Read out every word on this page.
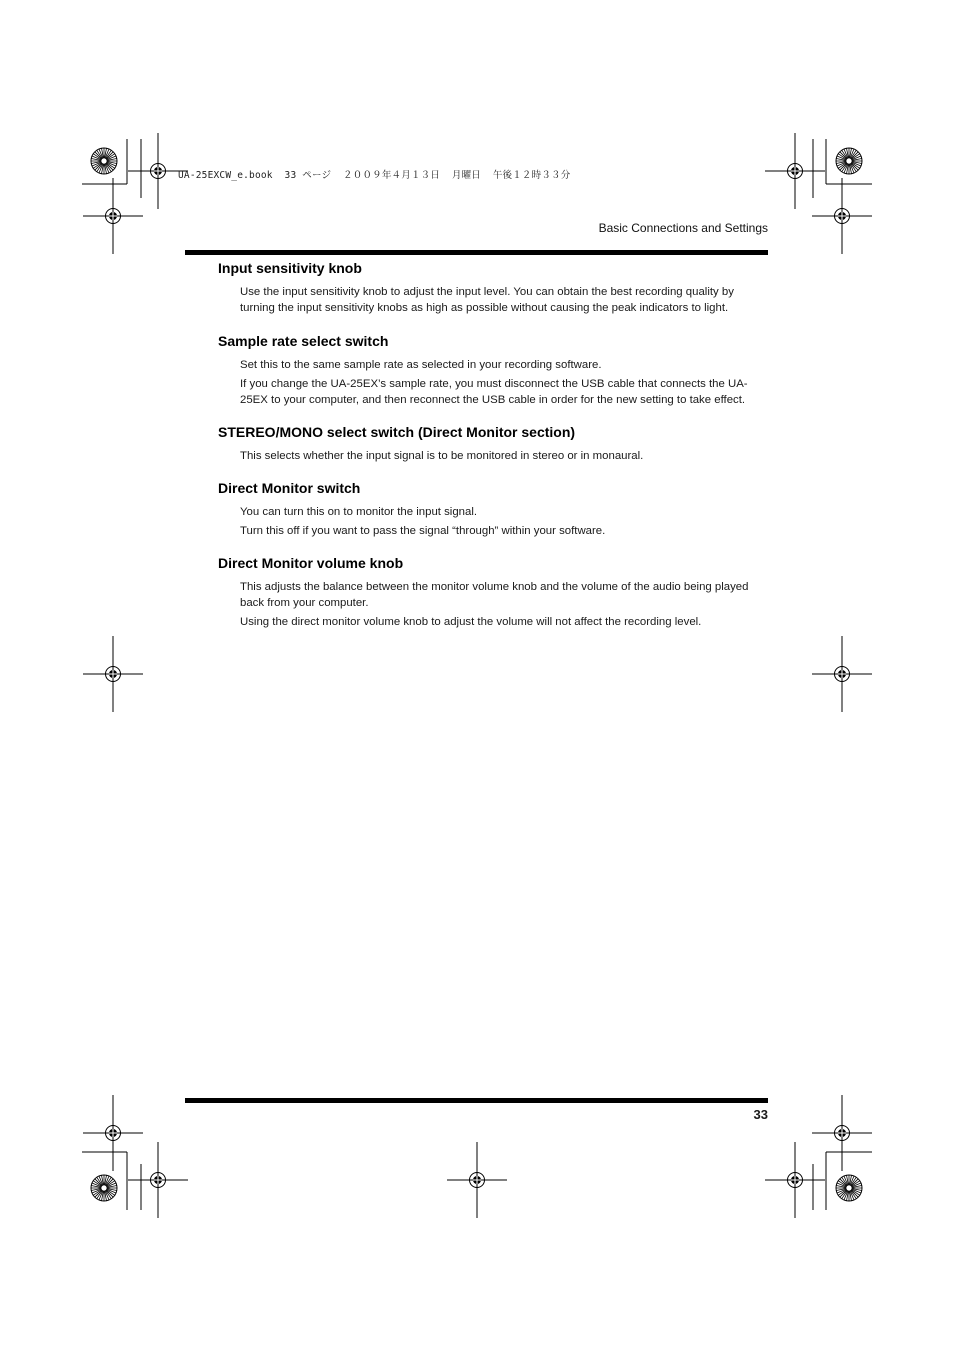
UA-25EXCW_e.book  33 ページ  ２００９年４月１３日  月曜日  午後１２時３３分
Basic Connections and Settings
Input sensitivity knob

Use the input sensitivity knob to adjust the input level. You can obtain the best recording quality by turning the input sensitivity knobs as high as possible without causing the peak indicators to light.

Sample rate select switch

Set this to the same sample rate as selected in your recording software.

If you change the UA-25EX’s sample rate, you must disconnect the USB cable that connects the UA-25EX to your computer, and then reconnect the USB cable in order for the new setting to take effect.

STEREO/MONO select switch (Direct Monitor section)

This selects whether the input signal is to be monitored in stereo or in monaural.

Direct Monitor switch

You can turn this on to monitor the input signal.

Turn this off if you want to pass the signal “through” within your software.

Direct Monitor volume knob

This adjusts the balance between the monitor volume knob and the volume of the audio being played back from your computer.

Using the direct monitor volume knob to adjust the volume will not affect the recording level.

33
